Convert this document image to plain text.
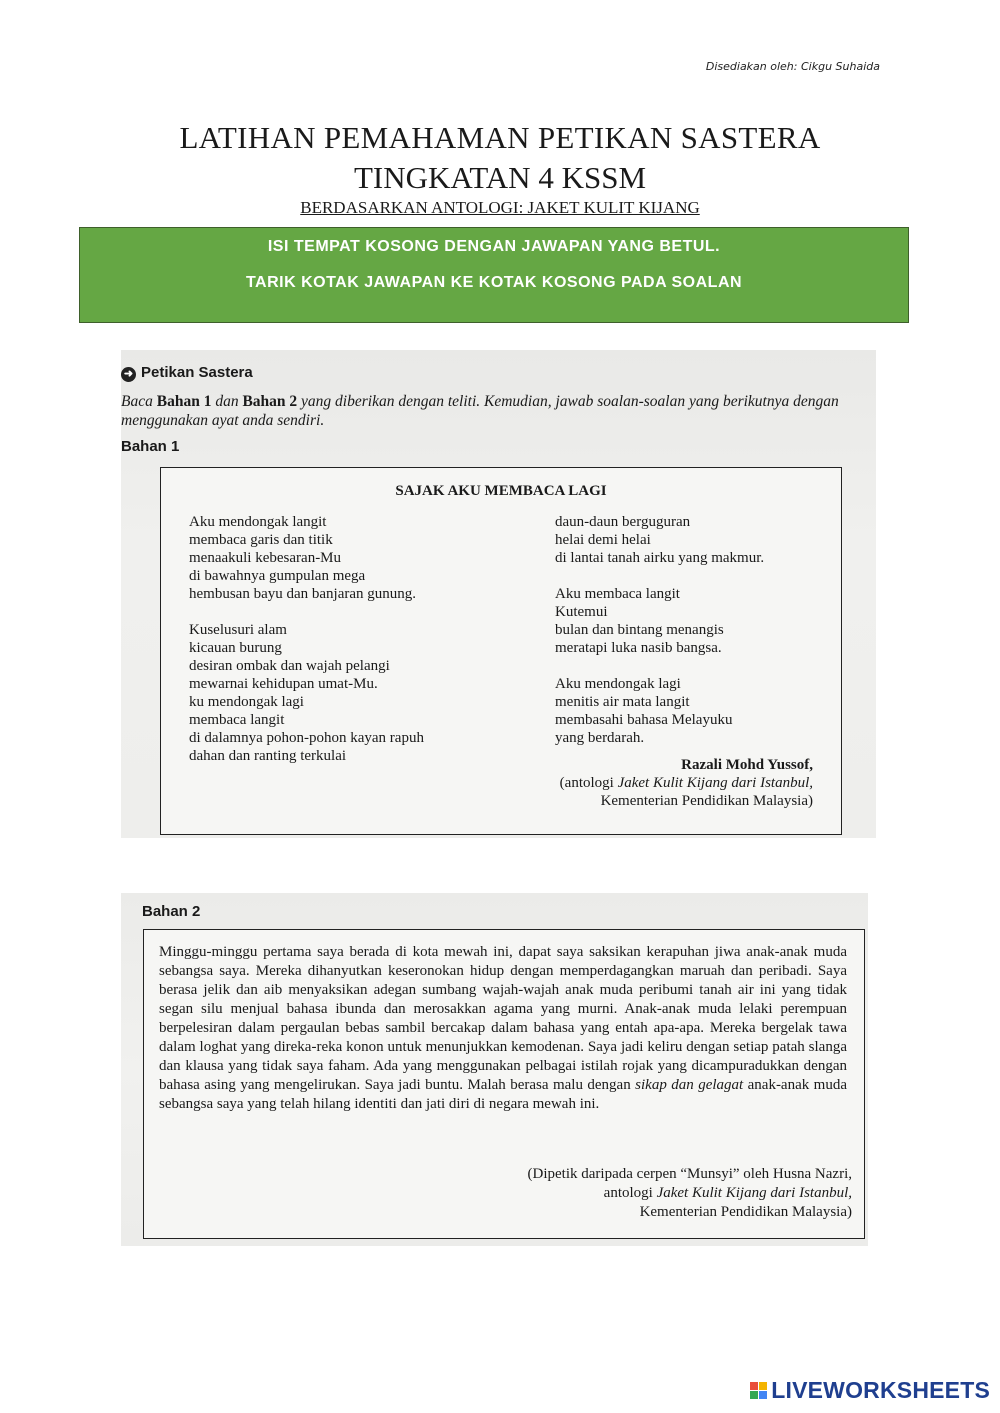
Disediakan oleh: Cikgu Suhaida
LATIHAN PEMAHAMAN PETIKAN SASTERA
TINGKATAN 4 KSSM
BERDASARKAN ANTOLOGI: JAKET KULIT KIJANG
ISI TEMPAT KOSONG DENGAN JAWAPAN YANG BETUL.
TARIK KOTAK JAWAPAN KE KOTAK KOSONG PADA SOALAN
➜ Petikan Sastera
Baca Bahan 1 dan Bahan 2 yang diberikan dengan teliti. Kemudian, jawab soalan-soalan yang berikutnya dengan menggunakan ayat anda sendiri.
Bahan 1
SAJAK AKU MEMBACA LAGI
Aku mendongak langit
membaca garis dan titik
menaakuli kebesaran-Mu
di bawahnya gumpulan mega
hembusan bayu dan banjaran gunung.
Kuselusuri alam
kicauan burung
desiran ombak dan wajah pelangi
mewarnai kehidupan umat-Mu.
ku mendongak lagi
membaca langit
di dalamnya pohon-pohon kayan rapuh
dahan dan ranting terkulai
daun-daun berguguran
helai demi helai
di lantai tanah airku yang makmur.
Aku membaca langit
Kutemui
bulan dan bintang menangis
meratapi luka nasib bangsa.
Aku mendongak lagi
menitis air mata langit
membasahi bahasa Melayuku
yang berdarah.
Razali Mohd Yussof,
(antologi Jaket Kulit Kijang dari Istanbul,
Kementerian Pendidikan Malaysia)
Bahan 2
Minggu-minggu pertama saya berada di kota mewah ini, dapat saya saksikan kerapuhan jiwa anak-anak muda sebangsa saya. Mereka dihanyutkan keseronokan hidup dengan memperdagangkan maruah dan peribadi. Saya berasa jelik dan aib menyaksikan adegan sumbang wajah-wajah anak muda peribumi tanah air ini yang tidak segan silu menjual bahasa ibunda dan merosakkan agama yang murni. Anak-anak muda lelaki perempuan berpelesiran dalam pergaulan bebas sambil bercakap dalam bahasa yang entah apa-apa. Mereka bergelak tawa dalam loghat yang direka-reka konon untuk menunjukkan kemodenan. Saya jadi keliru dengan setiap patah slanga dan klausa yang tidak saya faham. Ada yang menggunakan pelbagai istilah rojak yang dicampuradukkan dengan bahasa asing yang mengelirukan. Saya jadi buntu. Malah berasa malu dengan sikap dan gelagat anak-anak muda sebangsa saya yang telah hilang identiti dan jati diri di negara mewah ini.
(Dipetik daripada cerpen “Munsyi” oleh Husna Nazri,
antologi Jaket Kulit Kijang dari Istanbul,
Kementerian Pendidikan Malaysia)
LIVEWORKSHEETS
